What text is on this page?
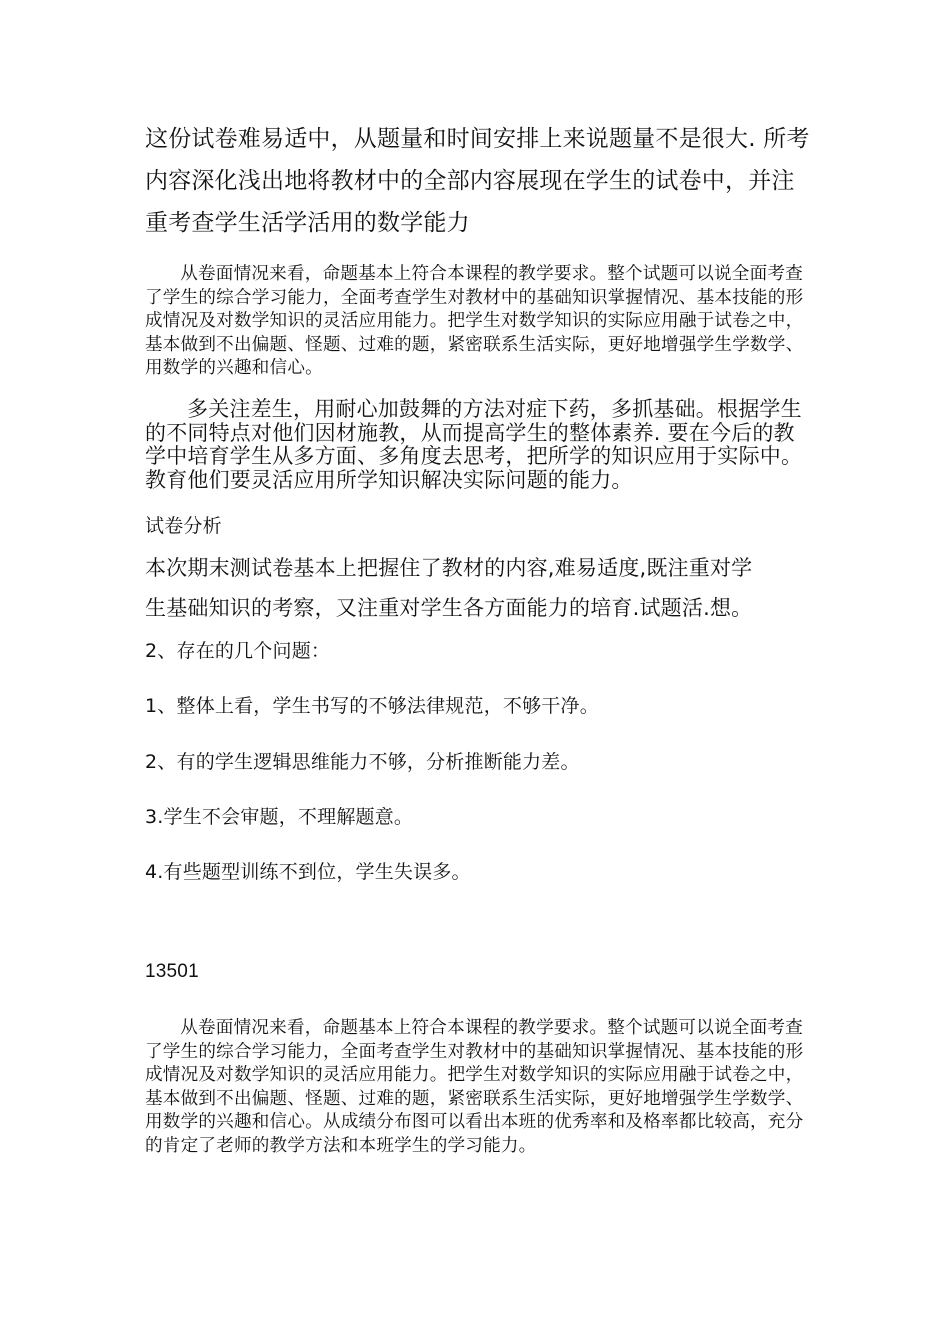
这份试卷难易适中，从题量和时间安排上来说题量不是很大. 所考内容深化浅出地将教材中的全部内容展现在学生的试卷中，并注重考查学生活学活用的数学能力

从卷面情况来看，命题基本上符合本课程的教学要求。整个试题可以说全面考查了学生的综合学习能力，全面考查学生对教材中的基础知识掌握情况、基本技能的形成情况及对数学知识的灵活应用能力。把学生对数学知识的实际应用融于试卷之中，基本做到不出偏题、怪题、过难的题，紧密联系生活实际，更好地增强学生学数学、用数学的兴趣和信心。

多关注差生，用耐心加鼓舞的方法对症下药，多抓基础。根据学生的不同特点对他们因材施教，从而提高学生的整体素养. 要在今后的教学中培育学生从多方面、多角度去思考，把所学的知识应用于实际中。教育他们要灵活应用所学知识解决实际问题的能力。

试卷分析

本次期末测试卷基本上把握住了教材的内容,难易适度,既注重对学

生基础知识的考察，又注重对学生各方面能力的培育.试题活.想。

2、存在的几个问题：

1、整体上看，学生书写的不够法律规范，不够干净。

2、有的学生逻辑思维能力不够，分析推断能力差。

3.学生不会审题，不理解题意。

4.有些题型训练不到位，学生失误多。

13501

从卷面情况来看，命题基本上符合本课程的教学要求。整个试题可以说全面考查了学生的综合学习能力，全面考查学生对教材中的基础知识掌握情况、基本技能的形成情况及对数学知识的灵活应用能力。把学生对数学知识的实际应用融于试卷之中，基本做到不出偏题、怪题、过难的题，紧密联系生活实际，更好地增强学生学数学、用数学的兴趣和信心。从成绩分布图可以看出本班的优秀率和及格率都比较高，充分的肯定了老师的教学方法和本班学生的学习能力。
